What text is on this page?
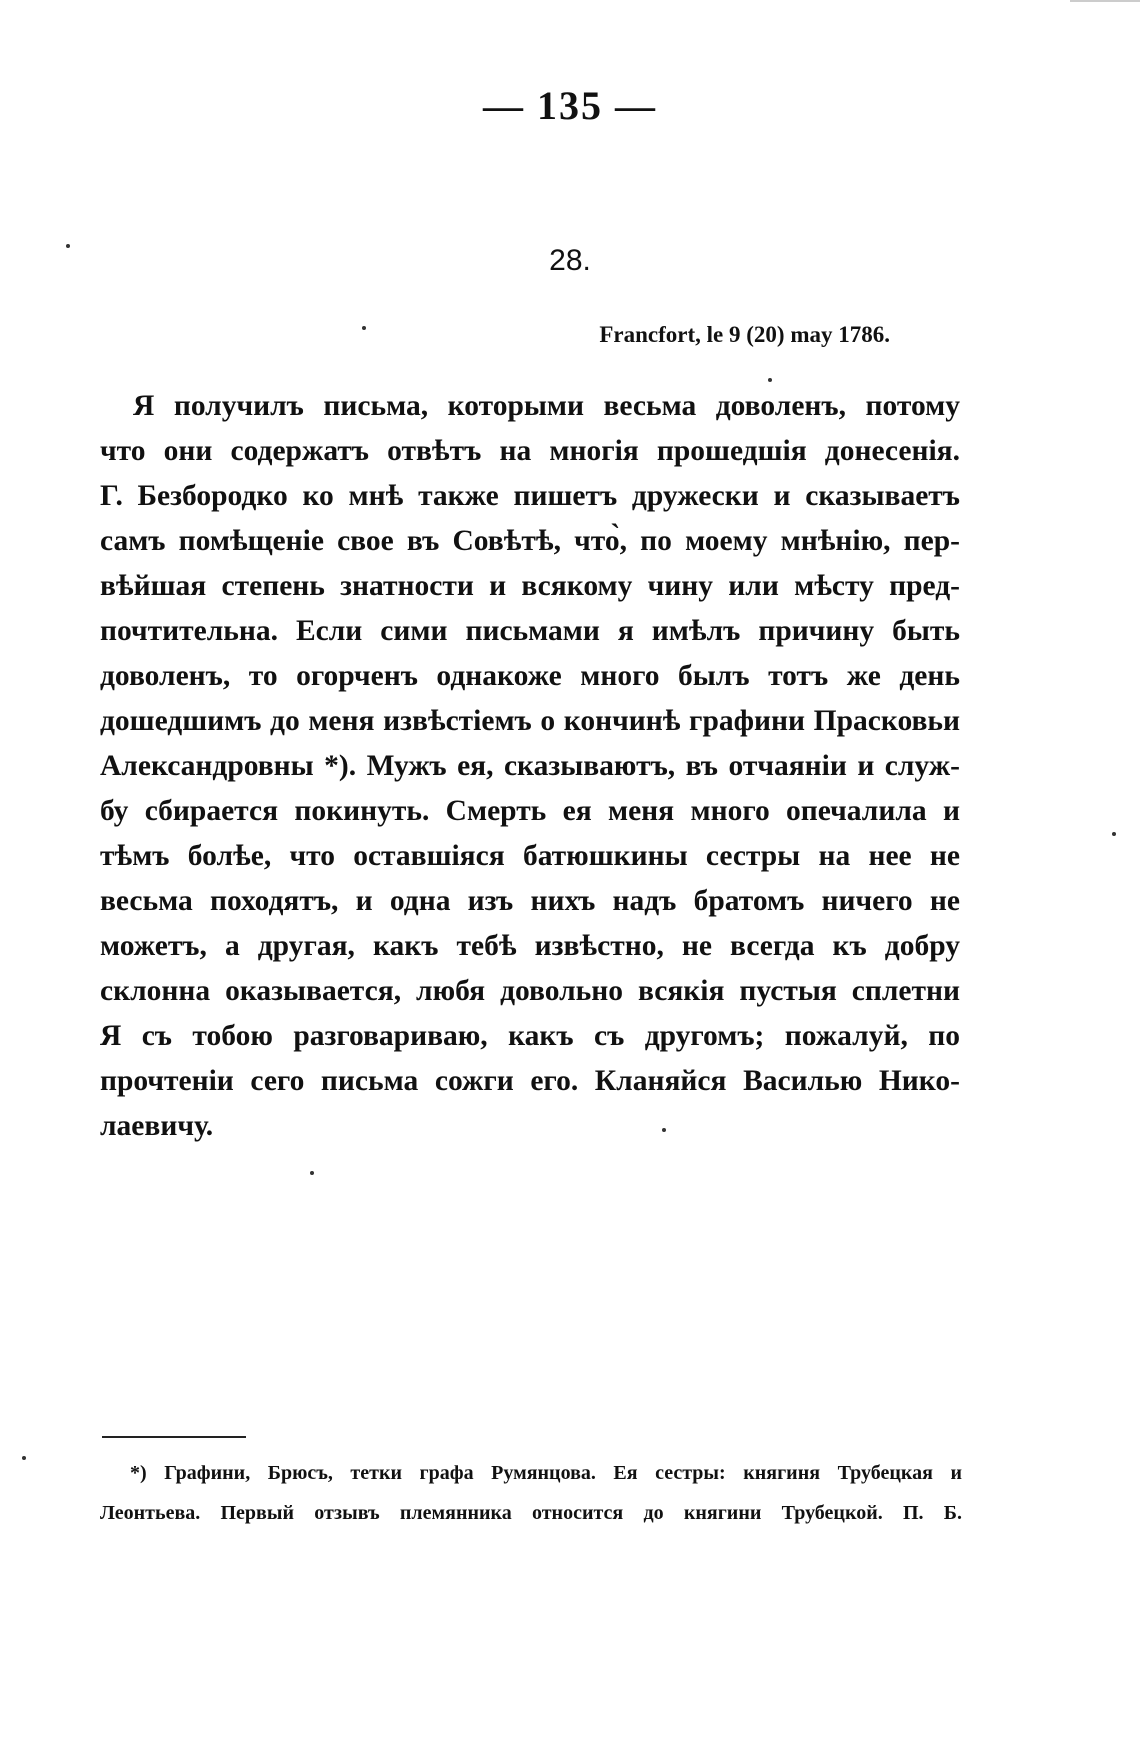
— 135 —
28.
Francfort, le 9 (20) may 1786.
Я получилъ письма, которыми весьма доволенъ, потому
что они содержатъ отвѣтъ на многія прошедшія донесенія.
Г. Безбородко ко мнѣ также пишетъ дружески и сказываетъ
самъ помѣщеніе свое въ Совѣтѣ, что̀, по моему мнѣнію, пер-
вѣйшая степень знатности и всякому чину или мѣсту пред-
почтительна. Если сими письмами я имѣлъ причину быть
доволенъ, то огорченъ однакоже много былъ тотъ же день
дошедшимъ до меня извѣстіемъ о кончинѣ графини Прасковьи
Александровны *). Мужъ ея, сказываютъ, въ отчаяніи и служ-
бу сбирается покинуть. Смерть ея меня много опечалила и
тѣмъ болѣе, что оставшіяся батюшкины сестры на нее не
весьма походятъ, и одна изъ нихъ надъ братомъ ничего не
можетъ, а другая, какъ тебѣ извѣстно, не всегда къ добру
склонна оказывается, любя довольно всякія пустыя сплетни
Я съ тобою разговариваю, какъ съ другомъ; пожалуй, по
прочтеніи сего письма сожги его. Кланяйся Василью Нико-
лаевичу.
*) Графини, Брюсъ, тетки графа Румянцова. Ея сестры: княгиня Трубецкая и
Леонтьева. Первый отзывъ племянника относится до княгини Трубецкой. П. Б.
